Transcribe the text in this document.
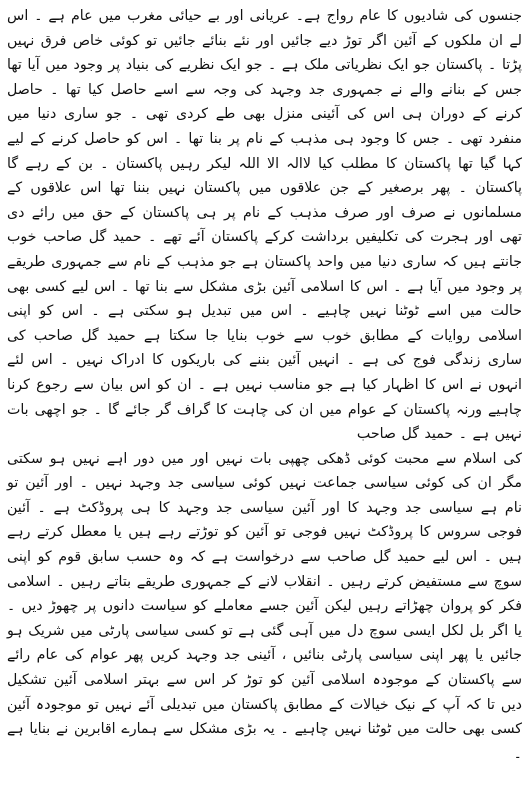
جنسوں کی شادیوں کا عام رواج ہے۔ عریانی اور بے حیائی مغرب میں عام ہے ۔ اس لے ان ملکوں کے آئین اگر توڑ دیے جائیں اور نئے بنائے جائیں تو کوئی خاص فرق نہیں پڑتا ۔ پاکستان جو ایک نظریاتی ملک ہے ۔ جو ایک نظریے کی بنیاد پر وجود میں آیا تھا جس کے بنانے والے نے جمہوری جد وجہد کی وجہ سے اسے حاصل کیا تھا ۔ حاصل کرنے کے دوران ہی اس کی آئینی منزل بھی طے کردی تھی ۔ جو ساری دنیا میں منفرد تھی ۔ جس کا وجود ہی مذہب کے نام پر بنا تھا ۔ اس کو حاصل کرنے کے لیے کہا گیا تھا پاکستان کا مطلب کیا لاالہ الا اللہ لیکر رہیں پاکستان ۔ بن کے رہے گا پاکستان ۔ پھر برصغیر کے جن علاقوں میں پاکستان نہیں بننا تھا اس علاقوں کے مسلمانوں نے صرف اور صرف مذہب کے نام پر ہی پاکستان کے حق میں رائے دی تھی اور ہجرت کی تکلیفیں برداشت کرکے پاکستان آئے تھے ۔ حمید گل صاحب خوب جانتے ہیں کہ ساری دنیا میں واحد پاکستان ہے جو مذہب کے نام سے جمہوری طریقے پر وجود میں آیا ہے ۔ اس کا اسلامی آئین بڑی مشکل سے بنا تھا ۔ اس لیے کسی بھی حالت میں اسے ٹوٹنا نہیں چاہیے ۔ اس میں تبدیل ہو سکتی ہے ۔ اس کو اپنی اسلامی روایات کے مطابق خوب سے خوب بنایا جا سکتا ہے حمید گل صاحب کی ساری زندگی فوج کی ہے ۔ انہیں آئین بننے کی باریکوں کا ادراک نہیں ۔ اس لئے انہوں نے اس کا اظہار کیا ہے جو مناسب نہیں ہے ۔ ان کو اس بیان سے رجوع کرنا چاہیے ورنہ پاکستان کے عوام میں ان کی چاہت کا گراف گر جائے گا ۔ جو اچھی بات نہیں ہے ۔ حمید گل صاحب

کی اسلام سے محبت کوئی ڈھکی چھپی بات نہیں اور میں دور اہے نہیں ہو سکتی مگر ان کی کوئی سیاسی جماعت نہیں کوئی سیاسی جد وجہد نہیں ۔ اور آئین تو نام ہے سیاسی جد وجہد کا اور آئین سیاسی جد وجہد کا ہی پروڈکٹ ہے ۔ آئین فوجی سروس کا پروڈکٹ نہیں فوجی تو آئین کو توڑتے رہے ہیں یا معطل کرتے رہے ہیں ۔ اس لیے حمید گل صاحب سے درخواست ہے کہ وہ حسب سابق قوم کو اپنی سوچ سے مستفیض کرتے رہیں ۔ انقلاب لانے کے جمہوری طریقے بتاتے رہیں ۔ اسلامی فکر کو پروان چھڑاتے رہیں لیکن آئین جسے معاملے کو سیاست دانوں پر چھوڑ دیں ۔ یا اگر بل لکل ایسی سوچ دل میں آہی گئی ہے تو کسی سیاسی پارٹی میں شریک ہو جائیں یا پھر اپنی سیاسی پارٹی بنائیں ، آئینی جد وجہد کریں پھر عوام کی عام رائے سے پاکستان کے موجودہ اسلامی آئین کو توڑ کر اس سے بہتر اسلامی آئین تشکیل دیں تا کہ آپ کے نیک خیالات کے مطابق پاکستان میں تبدیلی آئے نہیں تو موجودہ آئین کسی بھی حالت میں ٹوٹنا نہیں چاہیے ۔ یہ بڑی مشکل سے ہمارے اقابرین نے بنایا ہے ۔
